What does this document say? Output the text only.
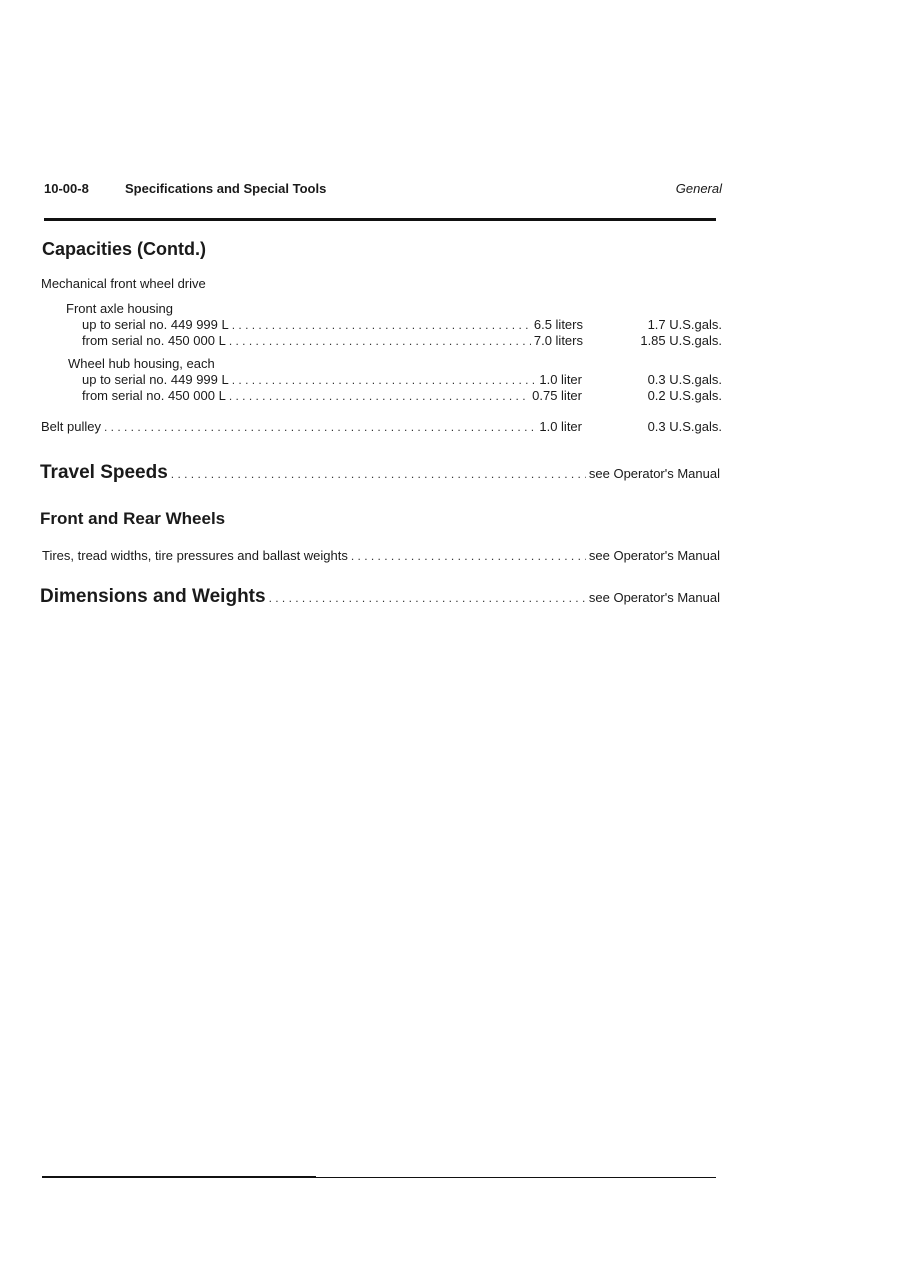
10-00-8	Specifications and Special Tools	General
Capacities (Contd.)
Mechanical front wheel drive
Front axle housing
up to serial no. 449 999 L . . .	6.5 liters	1.7 U.S.gals.
from serial no. 450 000 L . . .	7.0 liters	1.85 U.S.gals.
Wheel hub housing, each
up to serial no. 449 999 L . . .	1.0 liter	0.3 U.S.gals.
from serial no. 450 000 L . . .	0.75 liter	0.2 U.S.gals.
Belt pulley . . .	1.0 liter	0.3 U.S.gals.
Travel Speeds . . .	see Operator's Manual
Front and Rear Wheels
Tires, tread widths, tire pressures and ballast weights . . .	see Operator's Manual
Dimensions and Weights . . .	see Operator's Manual
